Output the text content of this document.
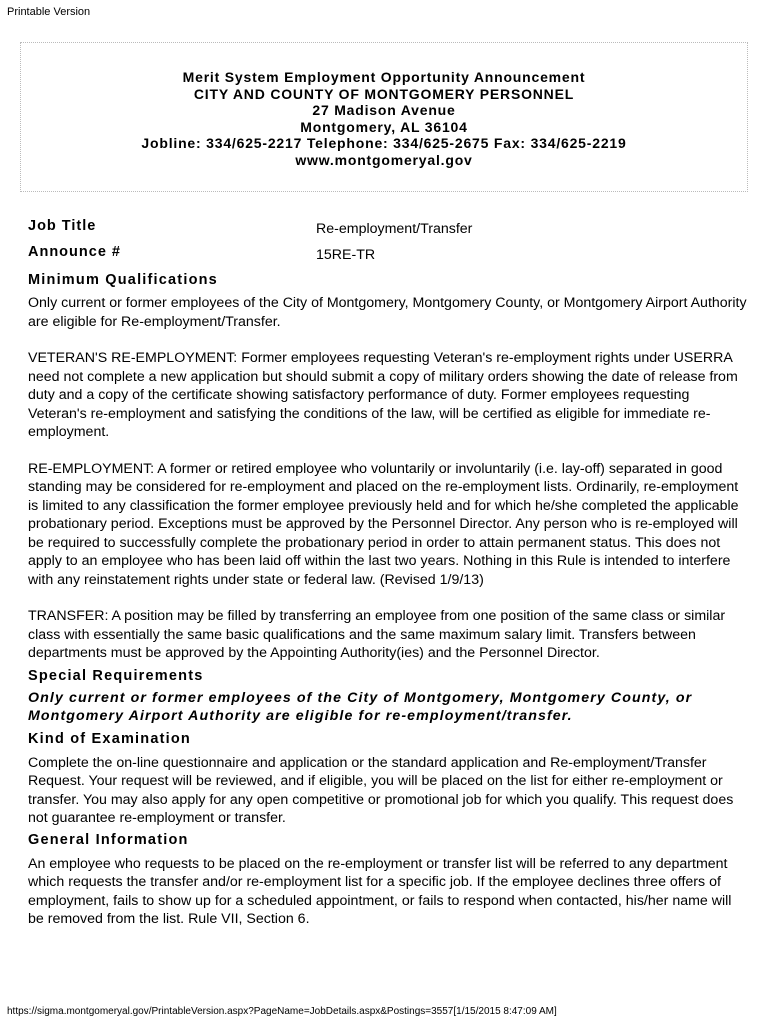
Printable Version
Merit System Employment Opportunity Announcement
CITY AND COUNTY OF MONTGOMERY PERSONNEL
27 Madison Avenue
Montgomery, AL 36104
Jobline: 334/625-2217 Telephone: 334/625-2675 Fax: 334/625-2219
www.montgomeryal.gov
Job Title	Re-employment/Transfer
Announce #	15RE-TR
Minimum Qualifications

Only current or former employees of the City of Montgomery, Montgomery County, or Montgomery Airport Authority are eligible for Re-employment/Transfer.

VETERAN'S RE-EMPLOYMENT: Former employees requesting Veteran's re-employment rights under USERRA need not complete a new application but should submit a copy of military orders showing the date of release from duty and a copy of the certificate showing satisfactory performance of duty. Former employees requesting Veteran's re-employment and satisfying the conditions of the law, will be certified as eligible for immediate re-employment.

RE-EMPLOYMENT: A former or retired employee who voluntarily or involuntarily (i.e. lay-off) separated in good standing may be considered for re-employment and placed on the re-employment lists. Ordinarily, re-employment is limited to any classification the former employee previously held and for which he/she completed the applicable probationary period. Exceptions must be approved by the Personnel Director. Any person who is re-employed will be required to successfully complete the probationary period in order to attain permanent status. This does not apply to an employee who has been laid off within the last two years. Nothing in this Rule is intended to interfere with any reinstatement rights under state or federal law. (Revised 1/9/13)

TRANSFER: A position may be filled by transferring an employee from one position of the same class or similar class with essentially the same basic qualifications and the same maximum salary limit. Transfers between departments must be approved by the Appointing Authority(ies) and the Personnel Director.

Special Requirements

Only current or former employees of the City of Montgomery, Montgomery County, or Montgomery Airport Authority are eligible for re-employment/transfer.

Kind of Examination

Complete the on-line questionnaire and application or the standard application and Re-employment/Transfer Request. Your request will be reviewed, and if eligible, you will be placed on the list for either re-employment or transfer. You may also apply for any open competitive or promotional job for which you qualify. This request does not guarantee re-employment or transfer.

General Information

An employee who requests to be placed on the re-employment or transfer list will be referred to any department which requests the transfer and/or re-employment list for a specific job. If the employee declines three offers of employment, fails to show up for a scheduled appointment, or fails to respond when contacted, his/her name will be removed from the list. Rule VII, Section 6.

https://sigma.montgomeryal.gov/PrintableVersion.aspx?PageName=JobDetails.aspx&Postings=3557[1/15/2015 8:47:09 AM]
